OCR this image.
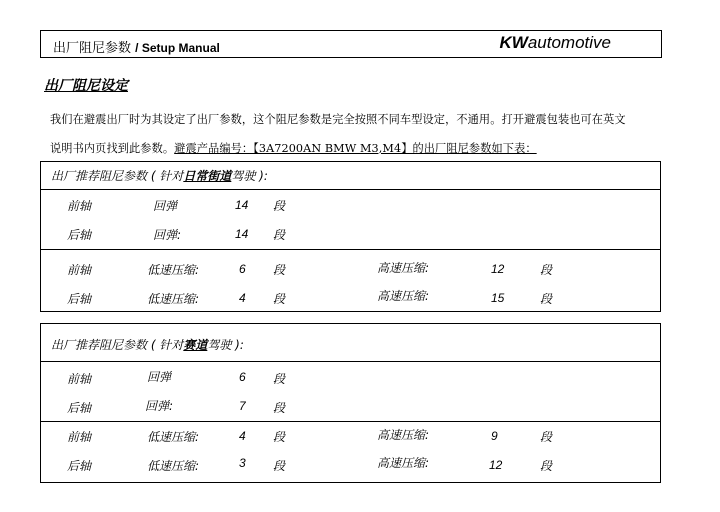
出厂阻尼参数 / Setup Manual	KWautomotive
出厂阻尼设定
我们在避震出厂时为其设定了出厂参数，这个阻尼参数是完全按照不同车型设定，不通用。打开避震包装也可在英文
说明书内页找到此参数。避震产品编号：【3A7200AN BMW M3,M4】的出厂阻尼参数如下表：
出厂推荐阻尼参数 ( 针对日常街道驾驶 ):
前轴	回弹	14 段
后轴	回弹:	14 段
前轴	低速压缩:	6 段	高速压缩:	12	段
后轴	低速压缩:	4 段	高速压缩:	15	段
出厂推荐阻尼参数 ( 针对赛道驾驶 ):
前轴	回弹	6 段
后轴	回弹:	7 段
前轴	低速压缩:	4 段	高速压缩:	9	段
后轴	低速压缩:	3 段	高速压缩:	12	段
